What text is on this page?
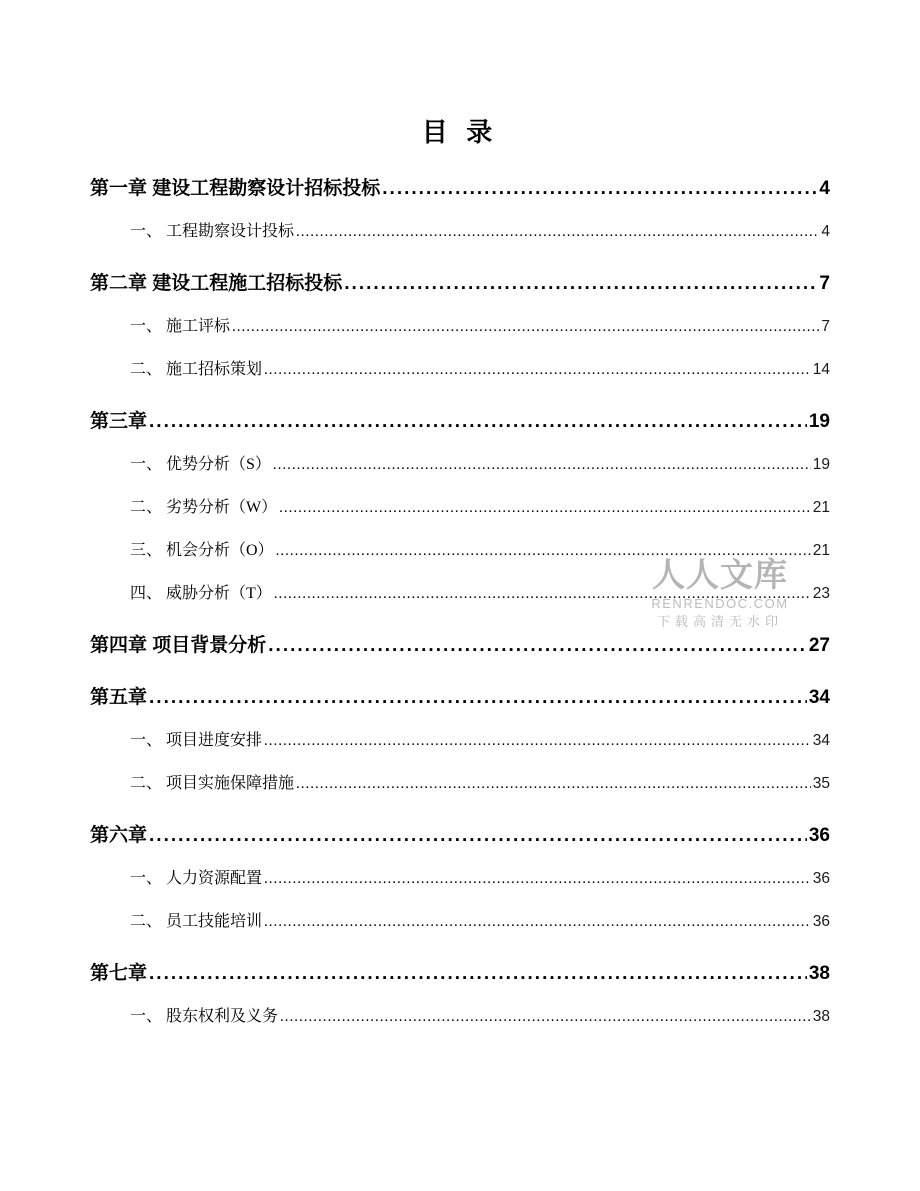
目 录
第一章 建设工程勘察设计招标投标 .....	4
一、 工程勘察设计投标 .....	4
第二章 建设工程施工招标投标 .....	7
一、 施工评标 .....	7
二、 施工招标策划 .....	14
第三章 .....	19
一、 优势分析（S） .....	19
二、 劣势分析（W） .....	21
三、 机会分析（O） .....	21
四、 威胁分析（T） .....	23
第四章 项目背景分析 .....	27
第五章 .....	34
一、 项目进度安排 .....	34
二、 项目实施保障措施 .....	35
第六章 .....	36
一、 人力资源配置 .....	36
二、 员工技能培训 .....	36
第七章 .....	38
一、 股东权利及义务 .....	38
人人文库
RENRENDOC.COM
下载高清无水印
